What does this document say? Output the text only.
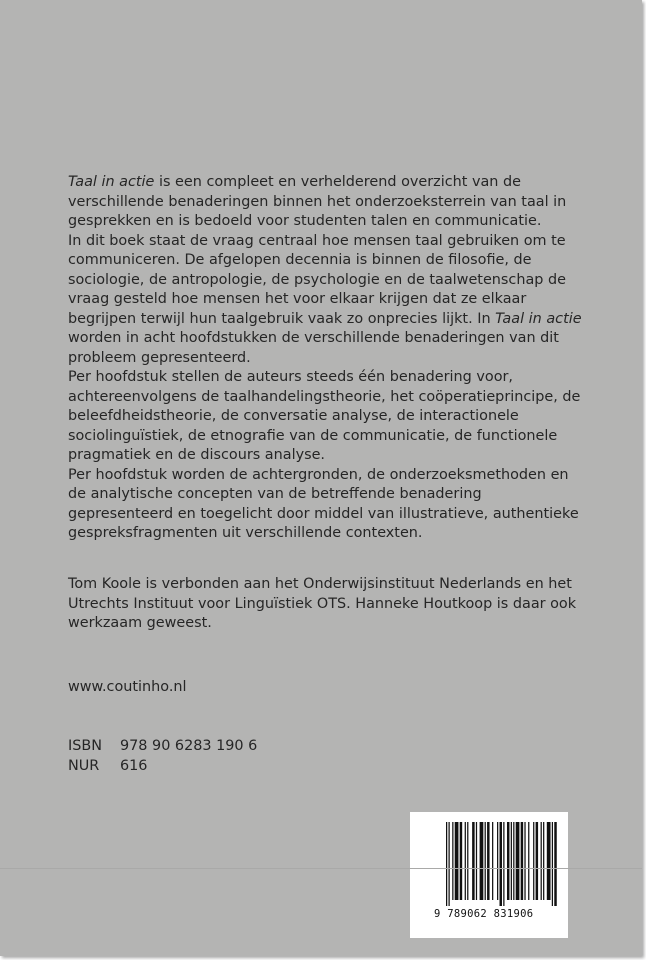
Taal in actie is een compleet en verhelderend overzicht van de verschillende benaderingen binnen het onderzoeksterrein van taal in gesprekken en is bedoeld voor studenten talen en communicatie.

In dit boek staat de vraag centraal hoe mensen taal gebruiken om te communiceren. De afgelopen decennia is binnen de filosofie, de sociologie, de antropologie, de psychologie en de taalwetenschap de vraag gesteld hoe mensen het voor elkaar krijgen dat ze elkaar begrijpen terwijl hun taalgebruik vaak zo onprecies lijkt. In Taal in actie worden in acht hoofdstukken de verschillende benaderingen van dit probleem gepresenteerd.

Per hoofdstuk stellen de auteurs steeds één benadering voor, achtereenvolgens de taalhandelingstheorie, het coöperatieprincipe, de beleefdheidstheorie, de conversatie analyse, de interactionele sociolinguïstiek, de etnografie van de communicatie, de functionele pragmatiek en de discours analyse.

Per hoofdstuk worden de achtergronden, de onderzoeksmethoden en de analytische concepten van de betreffende benadering gepresenteerd en toegelicht door middel van illustratieve, authentieke gespreksfragmenten uit verschillende contexten.

Tom Koole is verbonden aan het Onderwijsinstituut Nederlands en het Utrechts Instituut voor Linguïstiek OTS. Hanneke Houtkoop is daar ook werkzaam geweest.
www.coutinho.nl
ISBN	978 90 6283 190 6
NUR	616
9 789062 831906
